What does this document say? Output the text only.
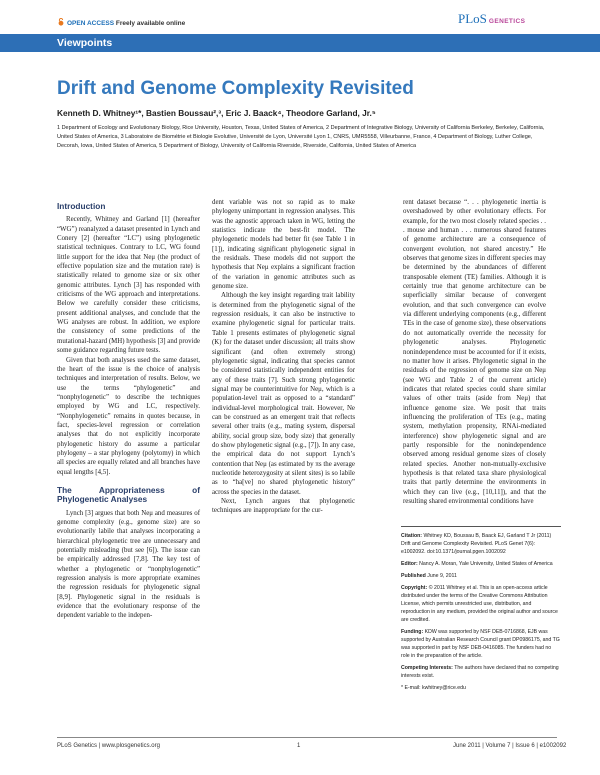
OPEN ACCESS Freely available online	PLoS GENETICS
Viewpoints
Drift and Genome Complexity Revisited
Kenneth D. Whitney¹*, Bastien Boussau²,³, Eric J. Baack⁴, Theodore Garland, Jr.⁵

1 Department of Ecology and Evolutionary Biology, Rice University, Houston, Texas, United States of America, 2 Department of Integrative Biology, University of California Berkeley, Berkeley, California, United States of America, 3 Laboratoire de Biométrie et Biologie Evolutive, Université de Lyon, Université Lyon 1, CNRS, UMR5558, Villeurbanne, France, 4 Department of Biology, Luther College, Decorah, Iowa, United States of America, 5 Department of Biology, University of California Riverside, Riverside, California, United States of America

Introduction

Recently, Whitney and Garland [1] (hereafter “WG”) reanalyzed a dataset presented in Lynch and Conery [2] (hereafter “LC”) using phylogenetic statistical techniques. Contrary to LC, WG found little support for the idea that Neμ (the product of effective population size and the mutation rate) is statistically related to genome size or six other genomic attributes. Lynch [3] has responded with criticisms of the WG approach and interpretations. Below we carefully consider these criticisms, present additional analyses, and conclude that the WG analyses are robust. In addition, we explore the consistency of some predictions of the mutational-hazard (MH) hypothesis [3] and provide some guidance regarding future tests.

Given that both analyses used the same dataset, the heart of the issue is the choice of analysis techniques and interpretation of results. Below, we use the terms “phylogenetic” and “nonphylogenetic” to describe the techniques employed by WG and LC, respectively. “Nonphylogenetic” remains in quotes because, in fact, species-level regression or correlation analyses that do not explicitly incorporate phylogenetic history do assume a particular phylogeny – a star phylogeny (polytomy) in which all species are equally related and all branches have equal lengths [4,5].

The Appropriateness of Phylogenetic Analyses

Lynch [3] argues that both Neμ and measures of genome complexity (e.g., genome size) are so evolutionarily labile that analyses incorporating a hierarchical phylogenetic tree are unnecessary and potentially misleading (but see [6]). The issue can be empirically addressed [7,8]. The key test of whether a phylogenetic or “nonphylogenetic” regression analysis is more appropriate examines the regression residuals for phylogenetic signal [8,9]. Phylogenetic signal in the residuals is evidence that the evolutionary response of the dependent variable to the indepen-

dent variable was not so rapid as to make phylogeny unimportant in regression analyses. This was the agnostic approach taken in WG, letting the statistics indicate the best-fit model. The phylogenetic models had better fit (see Table 1 in [1]), indicating significant phylogenetic signal in the residuals. These models did not support the hypothesis that Neμ explains a significant fraction of the variation in genomic attributes such as genome size.

Although the key insight regarding trait lability is determined from the phylogenetic signal of the regression residuals, it can also be instructive to examine phylogenetic signal for particular traits. Table 1 presents estimates of phylogenetic signal (K) for the dataset under discussion; all traits show significant (and often extremely strong) phylogenetic signal, indicating that species cannot be considered statistically independent entities for any of these traits [7]. Such strong phylogenetic signal may be counterintuitive for Neμ, which is a population-level trait as opposed to a “standard” individual-level morphological trait. However, Ne can be construed as an emergent trait that reflects several other traits (e.g., mating system, dispersal ability, social group size, body size) that generally do show phylogenetic signal (e.g., [7]). In any case, the empirical data do not support Lynch’s contention that Neμ (as estimated by πs the average nucleotide heterozygosity at silent sites) is so labile as to “ha[ve] no shared phylogenetic history” across the species in the dataset.

Next, Lynch argues that phylogenetic techniques are inappropriate for the cur-

rent dataset because “. . . phylogenetic inertia is overshadowed by other evolutionary effects. For example, for the two most closely related species . . . mouse and human . . . numerous shared features of genome architecture are a consequence of convergent evolution, not shared ancestry.” He observes that genome sizes in different species may be determined by the abundances of different transposable element (TE) families. Although it is certainly true that genome architecture can be superficially similar because of convergent evolution, and that such convergence can evolve via different underlying components (e.g., different TEs in the case of genome size), these observations do not automatically override the necessity for phylogenetic analyses. Phylogenetic nonindependence must be accounted for if it exists, no matter how it arises. Phylogenetic signal in the residuals of the regression of genome size on Neμ (see WG and Table 2 of the current article) indicates that related species could share similar values of other traits (aside from Neμ) that influence genome size. We posit that traits influencing the proliferation of TEs (e.g., mating system, methylation propensity, RNAi-mediated interference) show phylogenetic signal and are partly responsible for the nonindependence observed among residual genome sizes of closely related species. Another non-mutually-exclusive hypothesis is that related taxa share physiological traits that partly determine the environments in which they can live (e.g., [10,11]), and that the resulting shared environmental conditions have

Citation: Whitney KD, Boussau B, Baack EJ, Garland T Jr (2011) Drift and Genome Complexity Revisited. PLoS Genet 7(6): e1002092. doi:10.1371/journal.pgen.1002092

Editor: Nancy A. Moran, Yale University, United States of America

Published June 9, 2011

Copyright: © 2011 Whitney et al. This is an open-access article distributed under the terms of the Creative Commons Attribution License, which permits unrestricted use, distribution, and reproduction in any medium, provided the original author and source are credited.

Funding: KDW was supported by NSF DEB-0716868, EJB was supported by Australian Research Council grant DP0986175, and TG was supported in part by NSF DEB-0416085. The funders had no role in the preparation of the article.

Competing Interests: The authors have declared that no competing interests exist.

* E-mail: kwhitney@rice.edu

PLoS Genetics | www.plosgenetics.org	1	June 2011 | Volume 7 | Issue 6 | e1002092
